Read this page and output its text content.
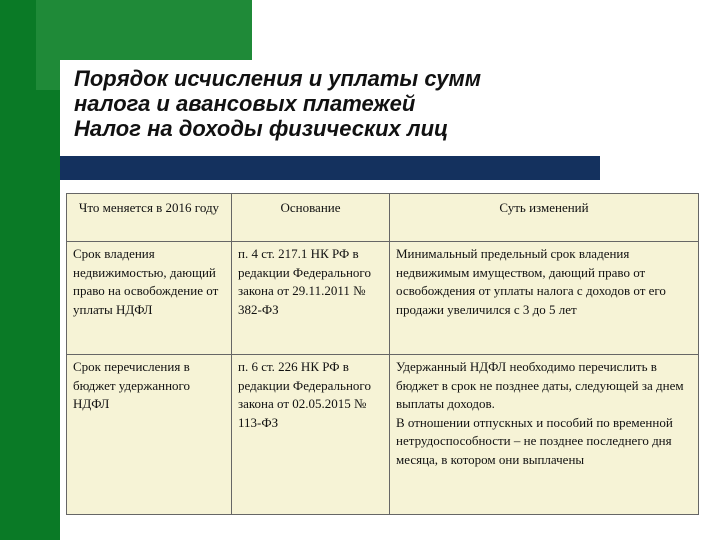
Порядок исчисления и уплаты сумм
налога и авансовых платежей
Налог на доходы физических лиц
Что меняется в 2016 году	Основание	Суть изменений
Срок владения недвижимостью, дающий право на освобождение от уплаты НДФЛ	п. 4 ст. 217.1 НК РФ в редакции Федерального закона от 29.11.2011 № 382-ФЗ	Минимальный предельный срок владения недвижимым имуществом, дающий право от освобождения от уплаты налога с доходов от его продажи увеличился с 3 до 5 лет

Срок перечисления в бюджет удержанного НДФЛ	п. 6 ст. 226 НК РФ в редакции Федерального закона от 02.05.2015 № 113-ФЗ	Удержанный НДФЛ необходимо перечислить в бюджет в срок не позднее даты, следующей за днем выплаты доходов.
В отношении отпускных и пособий по временной нетрудоспособности – не позднее последнего дня месяца, в котором они выплачены
